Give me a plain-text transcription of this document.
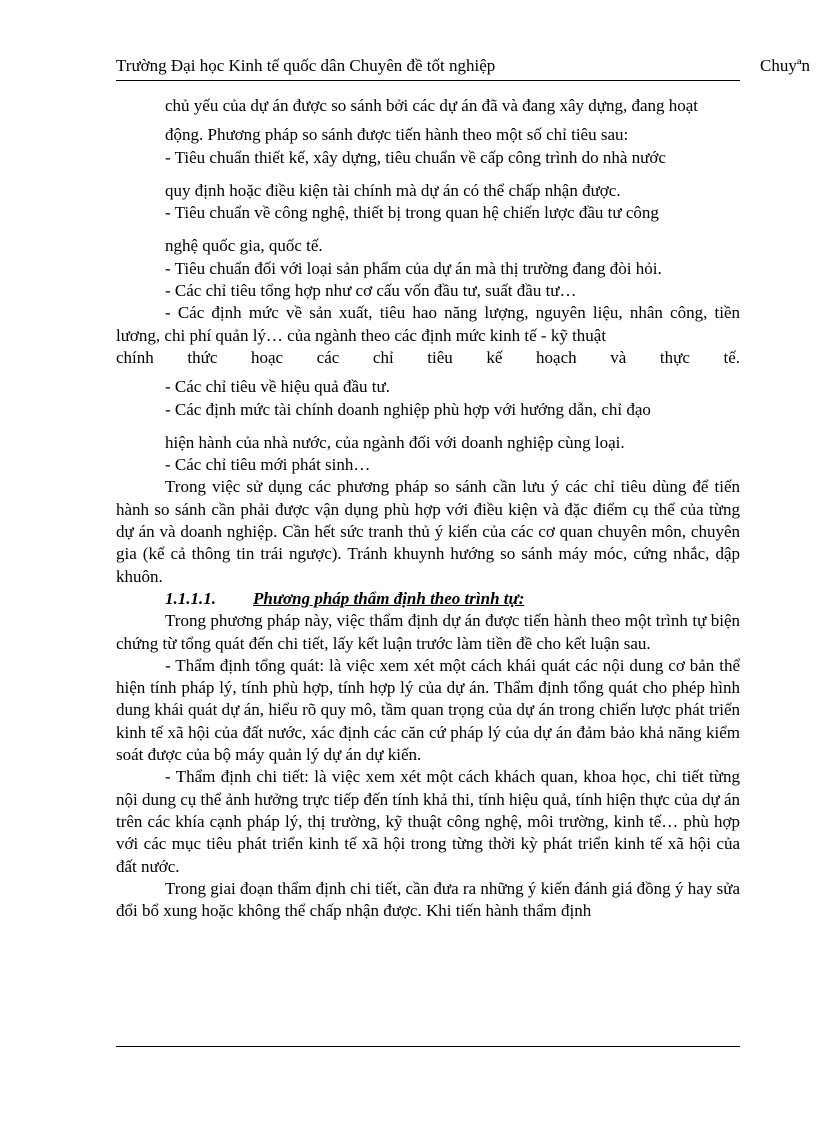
Trường Đại học Kinh tế quốc dân Chuyên đề tốt nghiệp	Chuyªn

chủ yếu của dự án được so sánh bởi các dự án đã và đang xây dựng, đang hoạt

động. Phương pháp so sánh được tiến hành theo một số chỉ tiêu sau:

- Tiêu chuẩn thiết kế, xây dựng, tiêu chuẩn về cấp công trình do nhà nước

quy định hoặc điều kiện tài chính mà dự án có thể chấp nhận được.

- Tiêu chuẩn về công nghệ, thiết bị trong quan hệ chiến lược đầu tư công

nghệ quốc gia, quốc tế.

- Tiêu chuẩn đối với loại sản phẩm của dự án mà thị trường đang đòi hỏi.

- Các chỉ tiêu tổng hợp như cơ cấu vốn đầu tư, suất đầu tư…

- Các định mức về sản xuất, tiêu hao năng lượng, nguyên liệu, nhân công, tiền lương, chi phí quản lý… của ngành theo các định mức kinh tế - kỹ thuật

chính thức hoạc các chỉ tiêu kế hoạch và thực tế.

- Các chỉ tiêu về hiệu quả đầu tư.

- Các định mức tài chính doanh nghiệp phù hợp với hướng dẫn, chỉ đạo

hiện hành của nhà nước, của ngành đối với doanh nghiệp cùng loại.

- Các chỉ tiêu mới phát sinh…

Trong việc sử dụng các phương pháp so sánh cần lưu ý các chỉ tiêu dùng để tiến hành so sánh cần phải được vận dụng phù hợp với điều kiện và đặc điểm cụ thể của từng dự án và doanh nghiệp. Cần hết sức tranh thủ ý kiến của các cơ quan chuyên môn, chuyên gia (kể cả thông tin trái ngược). Tránh khuynh hướng so sánh máy móc, cứng nhắc, dập khuôn.

1.1.1.1. Phương pháp thẩm định theo trình tự:

Trong phương pháp này, việc thẩm định dự án được tiến hành theo một trình tự biện chứng từ tổng quát đến chi tiết, lấy kết luận trước làm tiền đề cho kết luận sau.

- Thẩm định tổng quát: là việc xem xét một cách khái quát các nội dung cơ bản thể hiện tính pháp lý, tính phù hợp, tính hợp lý của dự án. Thẩm định tổng quát cho phép hình dung khái quát dự án, hiểu rõ quy mô, tầm quan trọng của dự án trong chiến lược phát triển kinh tế xã hội của đất nước, xác định các căn cứ pháp lý của dự án đảm bảo khả năng kiểm soát được của bộ máy quản lý dự án dự kiến.

- Thẩm định chi tiết: là việc xem xét một cách khách quan, khoa học, chi tiết từng nội dung cụ thể ảnh hưởng trực tiếp đến tính khả thi, tính hiệu quả, tính hiện thực của dự án trên các khía cạnh pháp lý, thị trường, kỹ thuật công nghệ, môi trường, kinh tế… phù hợp với các mục tiêu phát triển kinh tế xã hội trong từng thời kỳ phát triển kinh tế xã hội của đất nước.

Trong giai đoạn thẩm định chi tiết, cần đưa ra những ý kiến đánh giá đồng ý hay sửa đổi bổ xung hoặc không thể chấp nhận được. Khi tiến hành thẩm định
